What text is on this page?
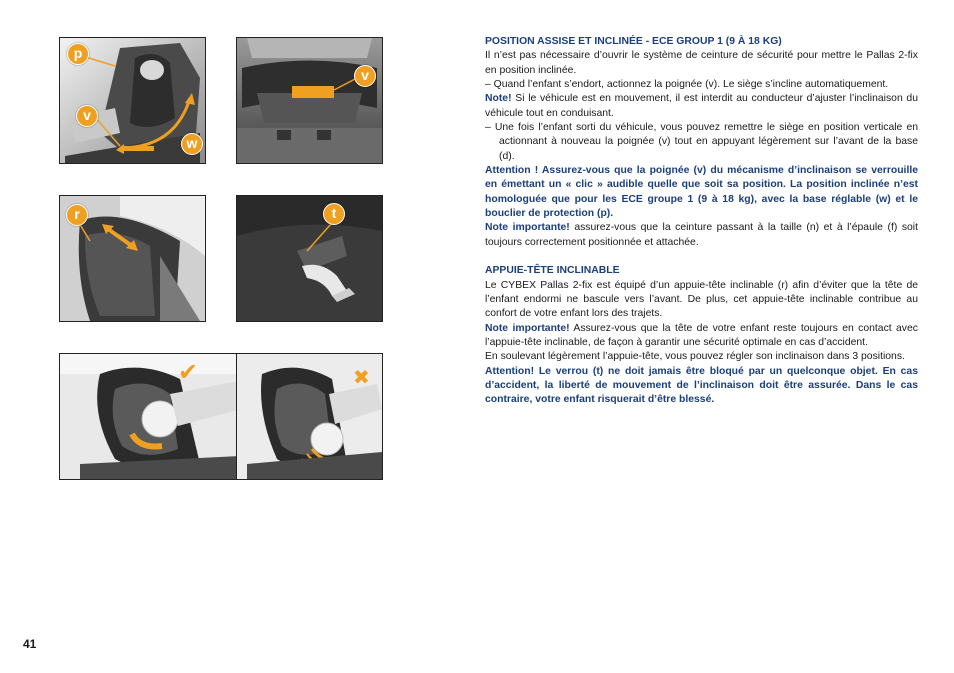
p
v
w
v
r	t
✔	✖

POSITION ASSISE ET INCLINÉE - ECE GROUP 1 (9 À 18 KG)

Il n’est pas nécessaire d’ouvrir le système de ceinture de sécurité pour mettre le Pallas 2-fix en position inclinée.

– Quand l’enfant s’endort, actionnez la poignée (v). Le siège s’incline automatiquement.

Note! Si le véhicule est en mouvement, il est interdit au conducteur d’ajuster l’inclinaison du véhicule tout en conduisant.

– Une fois l’enfant sorti du véhicule, vous pouvez remettre le siège en position verticale en actionnant à nouveau la poignée (v) tout en appuyant légèrement sur l’avant de la base (d).

Attention ! Assurez-vous que la poignée (v) du mécanisme d’inclinaison se verrouille en émettant un « clic » audible quelle que soit sa position. La position inclinée n’est homologuée que pour les ECE groupe 1 (9 à 18 kg), avec la base réglable (w) et le bouclier de protection (p).

Note importante! assurez-vous que la ceinture passant à la taille (n) et à l’épaule (f) soit toujours correctement positionnée et attachée.

APPUIE-TÊTE INCLINABLE

Le CYBEX Pallas 2-fix est équipé d’un appuie-tête inclinable (r) afin d’éviter que la tête de l’enfant endormi ne bascule vers l’avant. De plus, cet appuie-tête inclinable contribue au confort de votre enfant lors des trajets.

Note importante! Assurez-vous que la tête de votre enfant reste toujours en contact avec l’appuie-tête inclinable, de façon à garantir une sécurité optimale en cas d’accident.

En soulevant légèrement l’appuie-tête, vous pouvez régler son inclinaison dans 3 positions.

Attention! Le verrou (t) ne doit jamais être bloqué par un quelconque objet. En cas d’accident, la liberté de mouvement de l’inclinaison doit être assurée. Dans le cas contraire, votre enfant risquerait d’être blessé.

41
